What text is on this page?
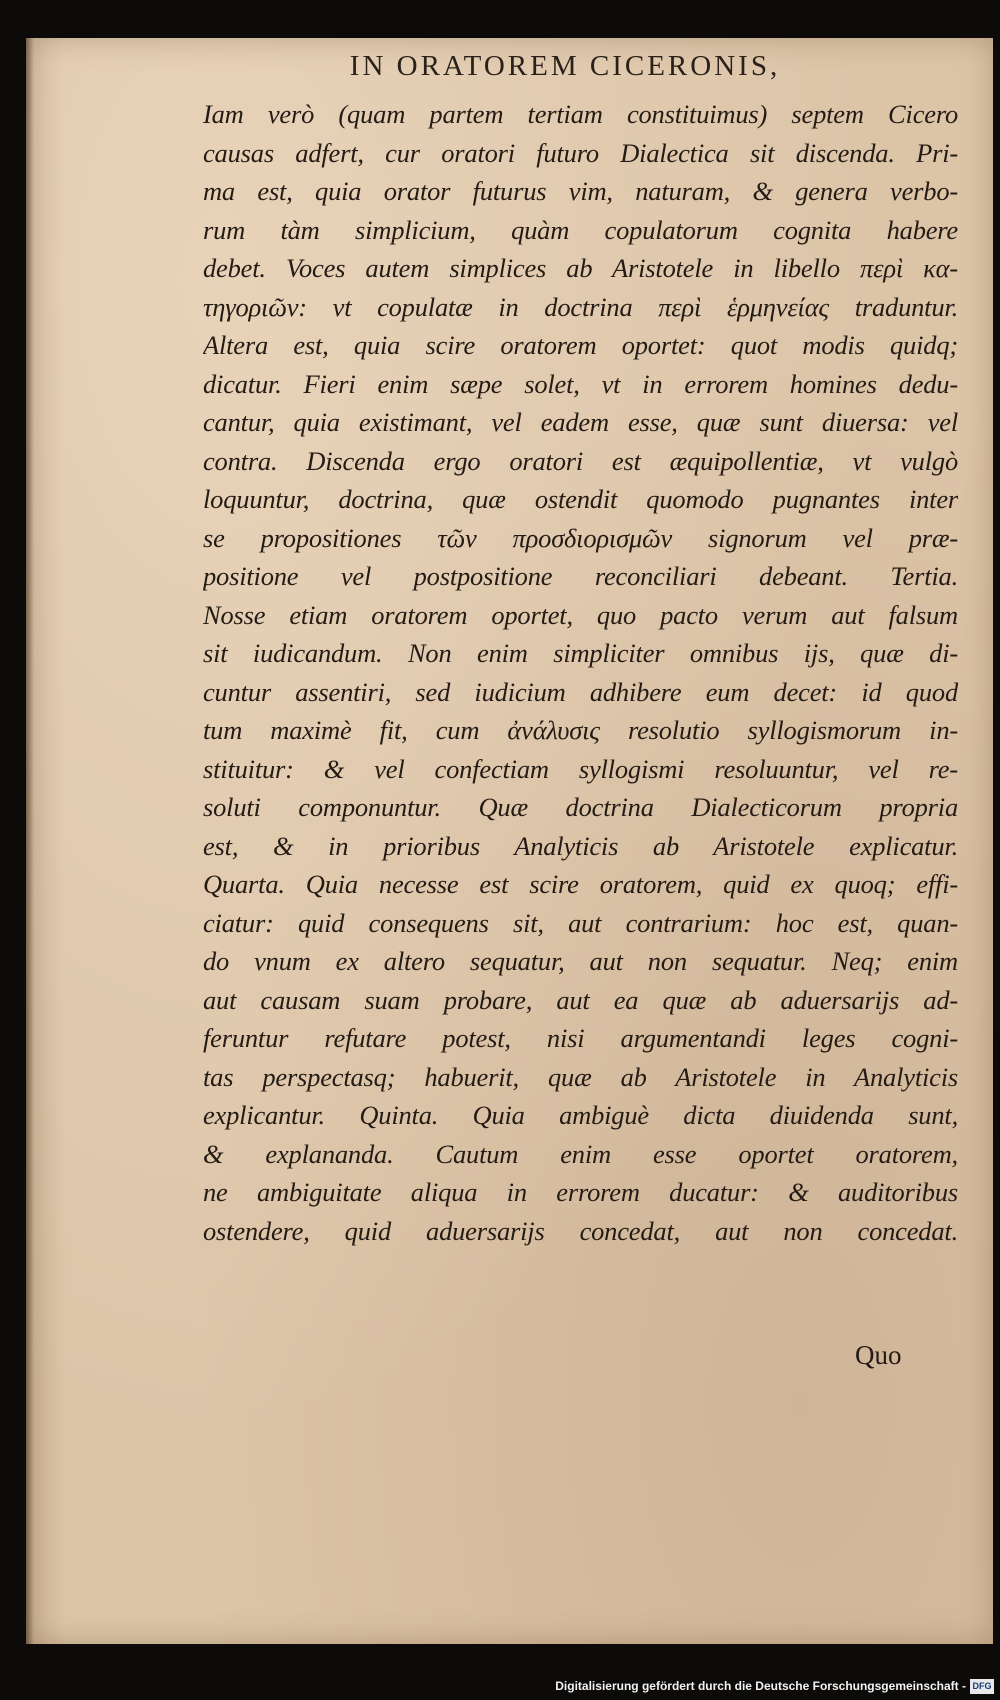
IN ORATOREM CICERONIS,
Iam verò (quam partem tertiam constituimus) septem Cicero
causas adfert, cur oratori futuro Dialectica sit discenda. Pri-
ma est, quia orator futurus vim, naturam, & genera verbo-
rum tàm simplicium, quàm copulatorum cognita habere
debet. Voces autem simplices ab Aristotele in libello περὶ κα-
τηγοριῶν: vt copulatæ in doctrina περὶ ἑρμηνείας traduntur.
Altera est, quia scire oratorem oportet: quot modis quidq;
dicatur. Fieri enim sæpe solet, vt in errorem homines dedu-
cantur, quia existimant, vel eadem esse, quæ sunt diuersa: vel
contra. Discenda ergo oratori est æquipollentiæ, vt vulgò
loquuntur, doctrina, quæ ostendit quomodo pugnantes inter
se propositiones τῶν προσδιορισμῶν signorum vel præ-
positione vel postpositione reconciliari debeant. Tertia.
Nosse etiam oratorem oportet, quo pacto verum aut falsum
sit iudicandum. Non enim simpliciter omnibus ijs, quæ di-
cuntur assentiri, sed iudicium adhibere eum decet: id quod
tum maximè fit, cum ἀνάλυσις resolutio syllogismorum in-
stituitur: & vel confectiam syllogismi resoluuntur, vel re-
soluti componuntur. Quæ doctrina Dialecticorum propria
est, & in prioribus Analyticis ab Aristotele explicatur.
Quarta. Quia necesse est scire oratorem, quid ex quoq; effi-
ciatur: quid consequens sit, aut contrarium: hoc est, quan-
do vnum ex altero sequatur, aut non sequatur. Neq; enim
aut causam suam probare, aut ea quæ ab aduersarijs ad-
feruntur refutare potest, nisi argumentandi leges cogni-
tas perspectasq; habuerit, quæ ab Aristotele in Analyticis
explicantur. Quinta. Quia ambiguè dicta diuidenda sunt,
& explananda. Cautum enim esse oportet oratorem,
ne ambiguitate aliqua in errorem ducatur: & auditoribus
ostendere, quid aduersarijs concedat, aut non concedat.
Quo
Digitalisierung gefördert durch die Deutsche Forschungsgemeinschaft - DFG
